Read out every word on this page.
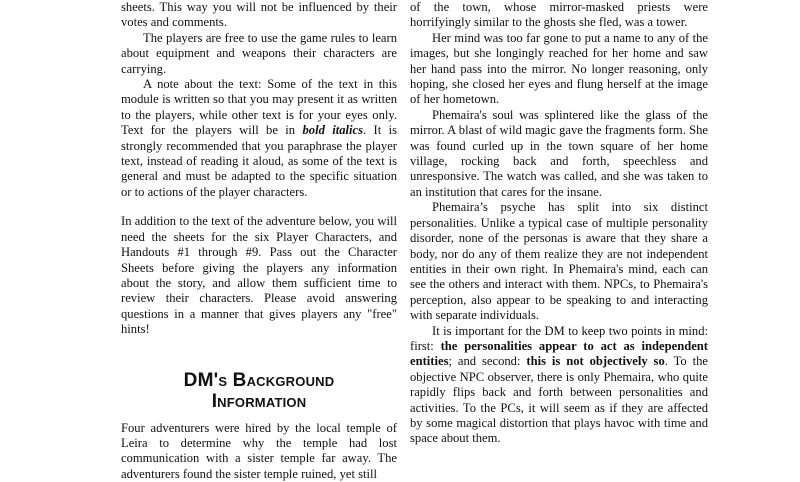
sheets. This way you will not be influenced by their votes and comments.

The players are free to use the game rules to learn about equipment and weapons their characters are carrying.

A note about the text: Some of the text in this module is written so that you may present it as written to the players, while other text is for your eyes only. Text for the players will be in bold italics. It is strongly recommended that you paraphrase the player text, instead of reading it aloud, as some of the text is general and must be adapted to the specific situation or to actions of the player characters.

In addition to the text of the adventure below, you will need the sheets for the six Player Characters, and Handouts #1 through #9. Pass out the Character Sheets before giving the players any information about the story, and allow them sufficient time to review their characters. Please avoid answering questions in a manner that gives players any "free" hints!

DM's Background
Information

Four adventurers were hired by the local temple of Leira to determine why the temple had lost communication with a sister temple far away. The adventurers found the sister temple ruined, yet still

of the town, whose mirror-masked priests were horrifyingly similar to the ghosts she fled, was a tower.

Her mind was too far gone to put a name to any of the images, but she longingly reached for her home and saw her hand pass into the mirror. No longer reasoning, only hoping, she closed her eyes and flung herself at the image of her hometown.

Phemaira's soul was splintered like the glass of the mirror. A blast of wild magic gave the fragments form. She was found curled up in the town square of her home village, rocking back and forth, speechless and unresponsive. The watch was called, and she was taken to an institution that cares for the insane.

Phemaira’s psyche has split into six distinct personalities. Unlike a typical case of multiple personality disorder, none of the personas is aware that they share a body, nor do any of them realize they are not independent entities in their own right. In Phemaira's mind, each can see the others and interact with them. NPCs, to Phemaira's perception, also appear to be speaking to and interacting with separate individuals.

It is important for the DM to keep two points in mind: first: the personalities appear to act as independent entities; and second: this is not objectively so. To the objective NPC observer, there is only Phemaira, who quite rapidly flips back and forth between personalities and activities. To the PCs, it will seem as if they are affected by some magical distortion that plays havoc with time and space about them.
